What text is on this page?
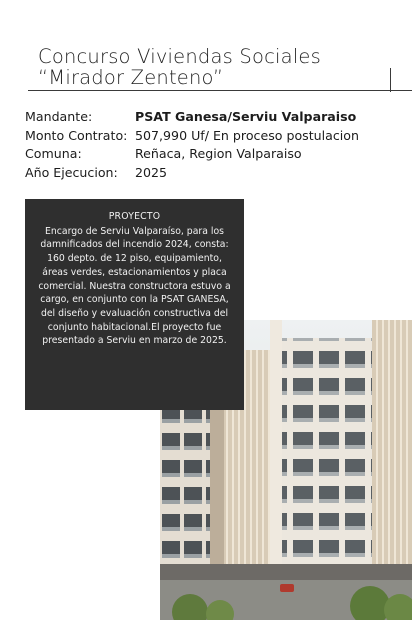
Concurso Viviendas Sociales
“Mirador Zenteno”
Mandante:	PSAT Ganesa/Serviu Valparaiso
Monto Contrato: 507,990 Uf/ En proceso postulacion
Comuna:	Reñaca, Region Valparaiso
Año Ejecucion:	2025
PROYECTO
Encargo de Serviu Valparaíso, para los damnificados del incendio 2024, consta: 160 depto. de 12 piso, equipamiento, áreas verdes, estacionamientos y placa comercial. Nuestra constructora estuvo a cargo, en conjunto con la PSAT GANESA, del diseño y evaluación constructiva del conjunto habitacional.El proyecto fue presentado a Serviu en marzo de 2025.
